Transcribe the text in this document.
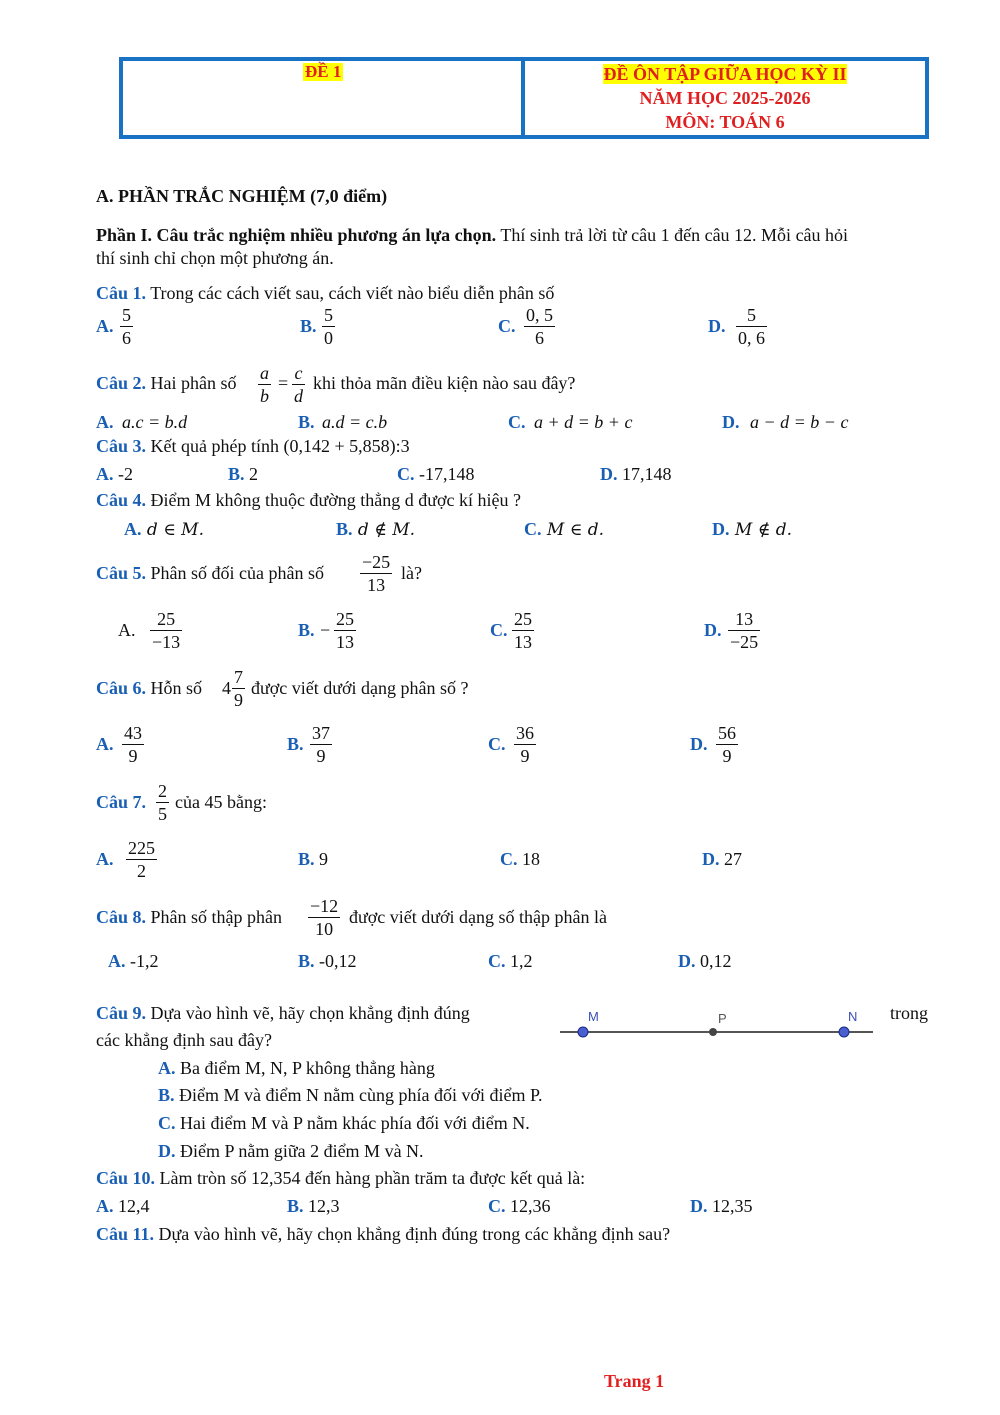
ĐỀ 1	ĐỀ ÔN TẬP GIỮA HỌC KỲ II
NĂM HỌC 2025-2026
MÔN: TOÁN 6
A. PHẦN TRẮC NGHIỆM (7,0 điểm)
Phần I. Câu trắc nghiệm nhiều phương án lựa chọn. Thí sinh trả lời từ câu 1 đến câu 12. Mỗi câu hỏi
thí sinh chỉ chọn một phương án.
Câu 1. Trong các cách viết sau, cách viết nào biểu diễn phân số
A. $\frac{5}{6}$	B. $\frac{5}{0}$	C. $\frac{0, 5}{6}$	D. $\frac{5}{0, 6}$
Câu 2. Hai phân số $\frac{a}{b} = \frac{c}{d}$ khi thỏa mãn điều kiện nào sau đây?
A. a.c = b.d	B. a.d = c.b	C. a + d = b + c	D. a − d = b − c
Câu 3. Kết quả phép tính (0,142 + 5,858):3
A. -2	B. 2	C. -17,148	D. 17,148
Câu 4. Điểm M không thuộc đường thẳng d được kí hiệu ?
A. d ∈ M.	B. d ∉ M.	C. M ∈ d.	D. M ∉ d.
Câu 5. Phân số đối của phân số $\frac{-25}{13}$ là?
A. $\frac{25}{-13}$	B. − $\frac{25}{13}$	C. $\frac{25}{13}$	D. $\frac{13}{-25}$
Câu 6. Hỗn số $4 \frac{7}{9}$ được viết dưới dạng phân số ?
A. $\frac{43}{9}$	B. $\frac{37}{9}$	C. $\frac{36}{9}$	D. $\frac{56}{9}$
Câu 7. $\frac{2}{5}$ của 45 bằng:
A. $\frac{225}{2}$	B. 9	C. 18	D. 27
Câu 8. Phân số thập phân $\frac{-12}{10}$ được viết dưới dạng số thập phân là
A. -1,2	B. -0,12	C. 1,2	D. 0,12
Câu 9. Dựa vào hình vẽ, hãy chọn khẳng định đúng	trong
các khẳng định sau đây?
M	P	N
A. Ba điểm M, N, P không thẳng hàng
B. Điểm M và điểm N nằm cùng phía đối với điểm P.
C. Hai điểm M và P nằm khác phía đối với điểm N.
D. Điểm P nằm giữa 2 điểm M và N.
Câu 10. Làm tròn số 12,354 đến hàng phần trăm ta được kết quả là:
A. 12,4	B. 12,3	C. 12,36	D. 12,35
Câu 11. Dựa vào hình vẽ, hãy chọn khẳng định đúng trong các khẳng định sau?
Trang 1
